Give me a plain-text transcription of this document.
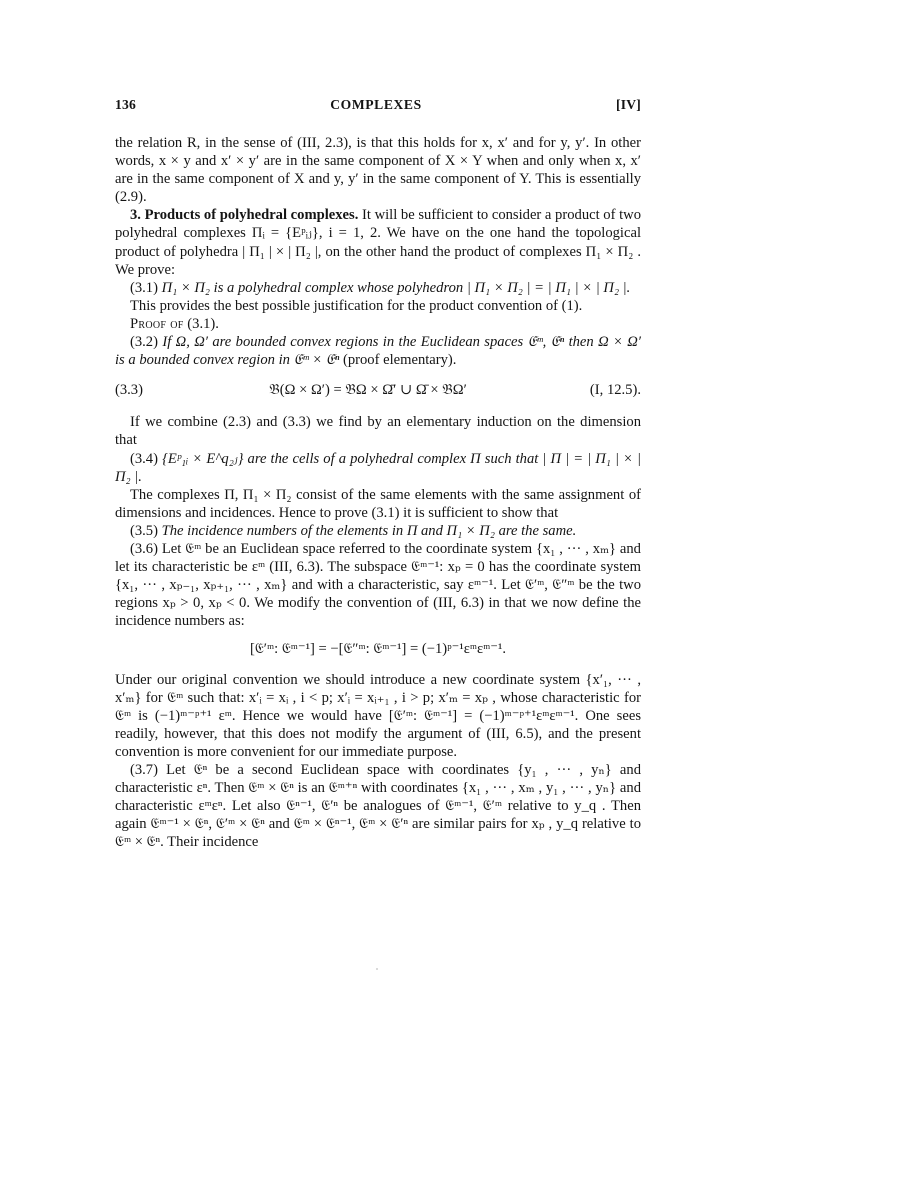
136	COMPLEXES	[IV]

the relation R, in the sense of (III, 2.3), is that this holds for x, x′ and for y, y′. In other words, x × y and x′ × y′ are in the same component of X × Y when and only when x, x′ are in the same component of X and y, y′ in the same component of Y. This is essentially (2.9).

3. Products of polyhedral complexes. It will be sufficient to consider a product of two polyhedral complexes Πᵢ = {Eᵖᵢⱼ}, i = 1, 2. We have on the one hand the topological product of polyhedra | Π₁ | × | Π₂ |, on the other hand the product of complexes Π₁ × Π₂ . We prove:

(3.1) Π₁ × Π₂ is a polyhedral complex whose polyhedron | Π₁ × Π₂ | = | Π₁ | × | Π₂ |.

This provides the best possible justification for the product convention of (1).

Proof of (3.1).

(3.2) If Ω, Ω′ are bounded convex regions in the Euclidean spaces 𝔈ᵐ, 𝔈ⁿ then Ω × Ω′ is a bounded convex region in 𝔈ᵐ × 𝔈ⁿ (proof elementary).

(3.3)	𝔅(Ω × Ω′) = 𝔅Ω × Ω̄′ ∪ Ω̄ × 𝔅Ω′	(I, 12.5).

If we combine (2.3) and (3.3) we find by an elementary induction on the dimension that

(3.4) {Eᵖ₁ᵢ × E^q₂ⱼ} are the cells of a polyhedral complex Π such that | Π | = | Π₁ | × | Π₂ |.

The complexes Π, Π₁ × Π₂ consist of the same elements with the same assignment of dimensions and incidences. Hence to prove (3.1) it is sufficient to show that

(3.5) The incidence numbers of the elements in Π and Π₁ × Π₂ are the same.

(3.6) Let 𝔈ᵐ be an Euclidean space referred to the coordinate system {x₁ , ··· , xₘ} and let its characteristic be εᵐ (III, 6.3). The subspace 𝔈ᵐ⁻¹: xₚ = 0 has the coordinate system {x₁, ··· , xₚ₋₁, xₚ₊₁, ··· , xₘ} and with a characteristic, say εᵐ⁻¹. Let 𝔈′ᵐ, 𝔈″ᵐ be the two regions xₚ > 0, xₚ < 0. We modify the convention of (III, 6.3) in that we now define the incidence numbers as:

[𝔈′ᵐ: 𝔈ᵐ⁻¹] = −[𝔈″ᵐ: 𝔈ᵐ⁻¹] = (−1)ᵖ⁻¹εᵐεᵐ⁻¹.

Under our original convention we should introduce a new coordinate system {x′₁, ··· , x′ₘ} for 𝔈ᵐ such that: x′ᵢ = xᵢ , i < p; x′ᵢ = xᵢ₊₁ , i > p; x′ₘ = xₚ , whose characteristic for 𝔈ᵐ is (−1)ᵐ⁻ᵖ⁺¹ εᵐ. Hence we would have [𝔈′ᵐ: 𝔈ᵐ⁻¹] = (−1)ᵐ⁻ᵖ⁺¹εᵐεᵐ⁻¹. One sees readily, however, that this does not modify the argument of (III, 6.5), and the present convention is more convenient for our immediate purpose.

(3.7) Let 𝔈ⁿ be a second Euclidean space with coordinates {y₁ , ··· , yₙ} and characteristic εⁿ. Then 𝔈ᵐ × 𝔈ⁿ is an 𝔈ᵐ⁺ⁿ with coordinates {x₁ , ··· , xₘ , y₁ , ··· , yₙ} and characteristic εᵐεⁿ. Let also 𝔈ⁿ⁻¹, 𝔈′ⁿ be analogues of 𝔈ᵐ⁻¹, 𝔈′ᵐ relative to y_q . Then again 𝔈ᵐ⁻¹ × 𝔈ⁿ, 𝔈′ᵐ × 𝔈ⁿ and 𝔈ᵐ × 𝔈ⁿ⁻¹, 𝔈ᵐ × 𝔈′ⁿ are similar pairs for xₚ , y_q relative to 𝔈ᵐ × 𝔈ⁿ. Their incidence
